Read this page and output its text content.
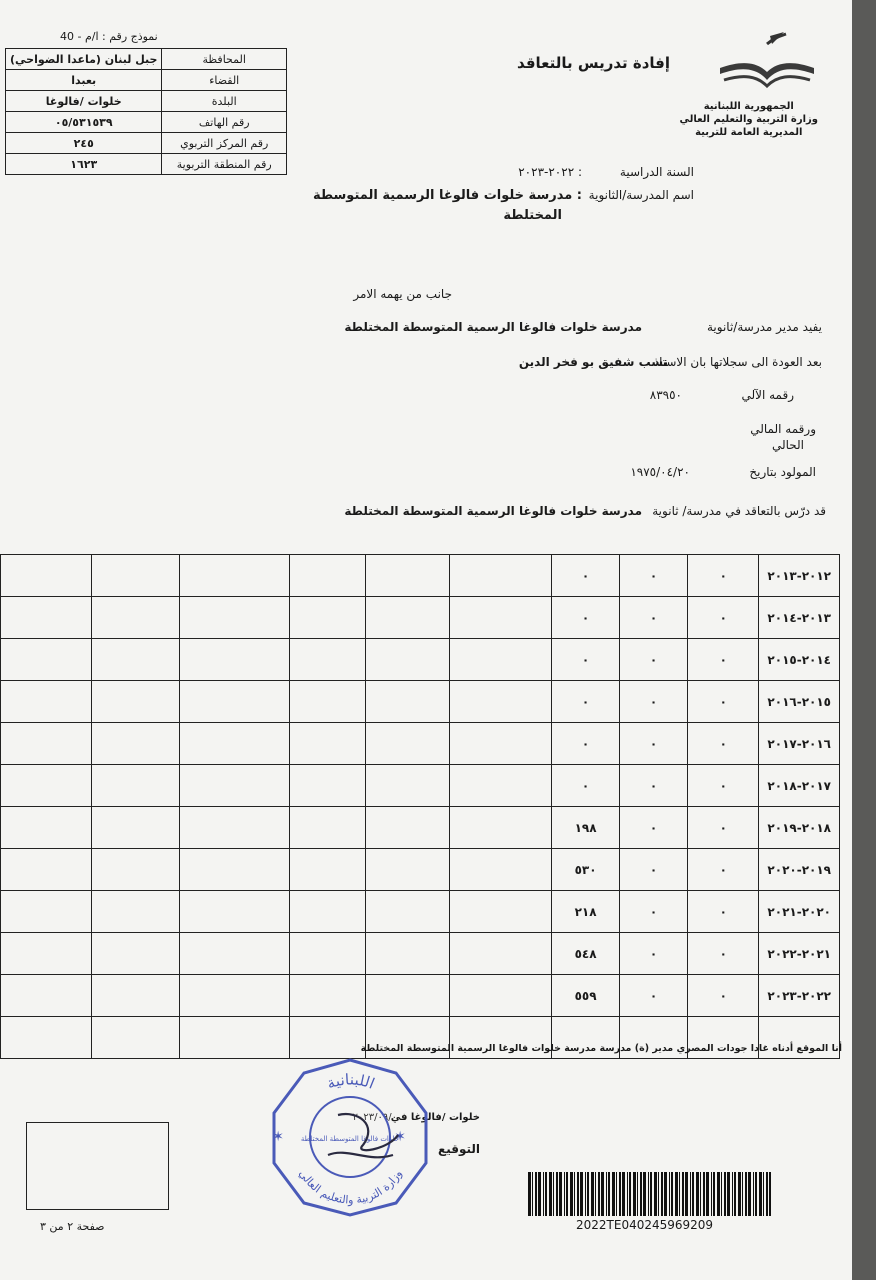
الجمهورية اللبنانية
وزارة التربية والتعليم العالي
المديرية العامة للتربية
إفادة تدريس بالتعاقد
نموذج رقم : ا/م - 40
المحافظة	جبل لبنان (ماعدا الضواحي)
القضاء	بعبدا
البلدة	خلوات /فالوغا
رقم الهاتف	٠٥/٥٣١٥٣٩
رقم المركز التربوي	٢٤٥
رقم المنطقة التربوية	١٦٢٣
السنة الدراسية
: ٢٠٢٢-٢٠٢٣
اسم المدرسة/الثانوية
: مدرسة خلوات فالوغا الرسمية المتوسطة
المختلطة
جانب من يهمه الامر
يفيد مدير مدرسة/ثانوية
مدرسة خلوات فالوغا الرسمية المتوسطة المختلطة
بعد العودة الى سجلاتها بان الاستاذ
نسب شفيق بو فخر الدين
رقمه الآلي
٨٣٩٥٠
ورقمه المالي
الحالي
المولود بتاريخ
١٩٧٥/٠٤/٢٠
قد درّس بالتعاقد في مدرسة/ ثانوية
مدرسة خلوات فالوغا الرسمية المتوسطة المختلطة
٢٠١٢-٢٠١٣	٠	٠	٠						
٢٠١٣-٢٠١٤	٠	٠	٠						
٢٠١٤-٢٠١٥	٠	٠	٠						
٢٠١٥-٢٠١٦	٠	٠	٠						
٢٠١٦-٢٠١٧	٠	٠	٠						
٢٠١٧-٢٠١٨	٠	٠	٠						
٢٠١٨-٢٠١٩	٠	٠	١٩٨						
٢٠١٩-٢٠٢٠	٠	٠	٥٣٠						
٢٠٢٠-٢٠٢١	٠	٠	٢١٨						
٢٠٢١-٢٠٢٢	٠	٠	٥٤٨						
٢٠٢٢-٢٠٢٣	٠	٠	٥٥٩						

أنا الموقع أدناه غادا جودات المصري مدير (ة) مدرسة مدرسة خلوات فالوغا الرسمية المتوسطة المختلطة
خلوات /فالوغا في
٢٠٢٣/٠٩/٠
التوقيع
اللبنانية
وزارة التربية والتعليم العالي
خلوات فالوغا المتوسطة المختلطة
✶	✶
صفحة ٢ من ٣	2022TE040245969209
